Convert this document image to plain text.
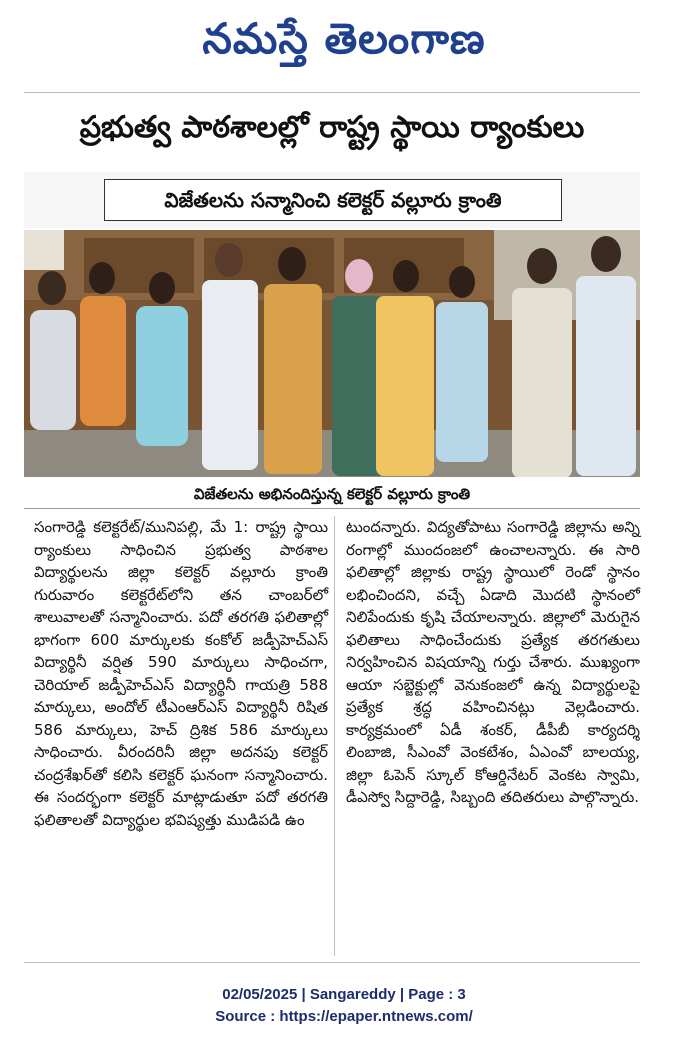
నమస్తే తెలంగాణ
ప్రభుత్వ పాఠశాలల్లో రాష్ట్ర స్థాయి ర్యాంకులు
విజేతలను సన్మానించి కలెక్టర్ వల్లూరు క్రాంతి
విజేతలను అభినందిస్తున్న కలెక్టర్ వల్లూరు క్రాంతి
సంగారెడ్డి కలెక్టరేట్/మునిపల్లి, మే 1: రాష్ట్ర స్థాయి ర్యాంకులు సాధించిన ప్రభుత్వ పాఠశాల విద్యార్థులను జిల్లా కలెక్టర్ వల్లూరు క్రాంతి గురువారం కలెక్టరేట్‌లోని తన చాంబర్‌లో శాలువాలతో సన్మానించారు. పదో తరగతి ఫలితాల్లో భాగంగా 600 మార్కులకు కంకోల్ జడ్పీహెచ్ఎస్ విద్యార్థినీ వర్షిత 590 మార్కులు సాధించగా, చెరియాల్ జడ్పీహెచ్ఎస్ విద్యార్థినీ గాయత్రి 588 మార్కులు, అందోల్ టీఎంఆర్ఎస్ విద్యార్థినీ రిషిత 586 మార్కులు, హెచ్ ద్రిశిక 586 మార్కులు సాధించారు. వీరందరినీ జిల్లా అదనపు కలెక్టర్ చంద్రశేఖర్‌తో కలిసి కలెక్టర్ ఘనంగా సన్మానించారు. ఈ సందర్భంగా కలెక్టర్ మాట్లాడుతూ పదో తరగతి ఫలితాలతో విద్యార్థుల భవిష్యత్తు ముడిపడి ఉం
టుందన్నారు. విద్యతోపాటు సంగారెడ్డి జిల్లాను అన్ని రంగాల్లో ముందంజలో ఉంచాలన్నారు. ఈ సారి ఫలితాల్లో జిల్లాకు రాష్ట్ర స్థాయిలో రెండో స్థానం లభించిందని, వచ్చే ఏడాది మొదటి స్థానంలో నిలిపేందుకు కృషి చేయాలన్నారు. జిల్లాలో మెరుగైన ఫలితాలు సాధించేందుకు ప్రత్యేక తరగతులు నిర్వహించిన విషయాన్ని గుర్తు చేశారు. ముఖ్యంగా ఆయా సబ్జెక్టుల్లో వెనుకంజలో ఉన్న విద్యార్థులపై ప్రత్యేక శ్రద్ధ వహించినట్లు వెల్లడించారు. కార్యక్రమంలో ఏడీ శంకర్, డీపీబీ కార్యదర్శి లింబాజి, సీఎంవో వెంకటేశం, ఏఎంవో బాలయ్య, జిల్లా ఓపెన్ స్కూల్ కోఆర్డినేటర్ వెంకట స్వామి, డీఎస్వో సిద్దారెడ్డి, సిబ్బంది తదితరులు పాల్గొన్నారు.
02/05/2025 | Sangareddy | Page : 3
Source : https://epaper.ntnews.com/
